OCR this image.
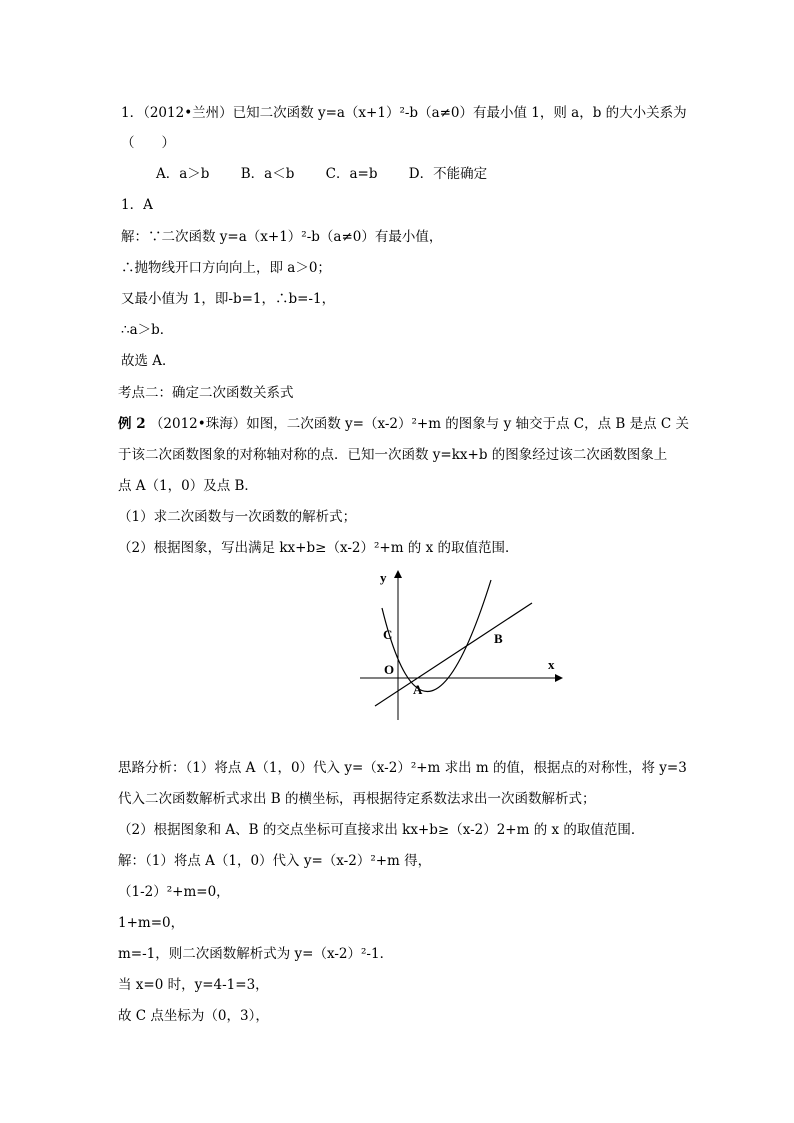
1．（2012•兰州）已知二次函数 y=a（x+1）²-b（a≠0）有最小值 1，则 a，b 的大小关系为
（　　）
A．a＞b　　 B．a＜b　　 C．a=b　　 D．不能确定
1．A
解：∵二次函数 y=a（x+1）²-b（a≠0）有最小值，
∴抛物线开口方向向上，即 a＞0；
又最小值为 1，即-b=1，∴b=-1，
∴a＞b．
故选 A．
考点二：确定二次函数关系式
例 2 （2012•珠海）如图，二次函数 y=（x-2）²+m 的图象与 y 轴交于点 C，点 B 是点 C 关
于该二次函数图象的对称轴对称的点．已知一次函数 y=kx+b 的图象经过该二次函数图象上
点 A（1，0）及点 B．
（1）求二次函数与一次函数的解析式；
（2）根据图象，写出满足 kx+b≥（x-2）²+m 的 x 的取值范围．
y
x
O
A
B
C
思路分析：（1）将点 A（1，0）代入 y=（x-2）²+m 求出 m 的值，根据点的对称性，将 y=3
代入二次函数解析式求出 B 的横坐标，再根据待定系数法求出一次函数解析式；
（2）根据图象和 A、B 的交点坐标可直接求出 kx+b≥（x-2）2+m 的 x 的取值范围．
解：（1）将点 A（1，0）代入 y=（x-2）²+m 得，
（1-2）²+m=0，
1+m=0，
m=-1，则二次函数解析式为 y=（x-2）²-1．
当 x=0 时，y=4-1=3，
故 C 点坐标为（0，3），
